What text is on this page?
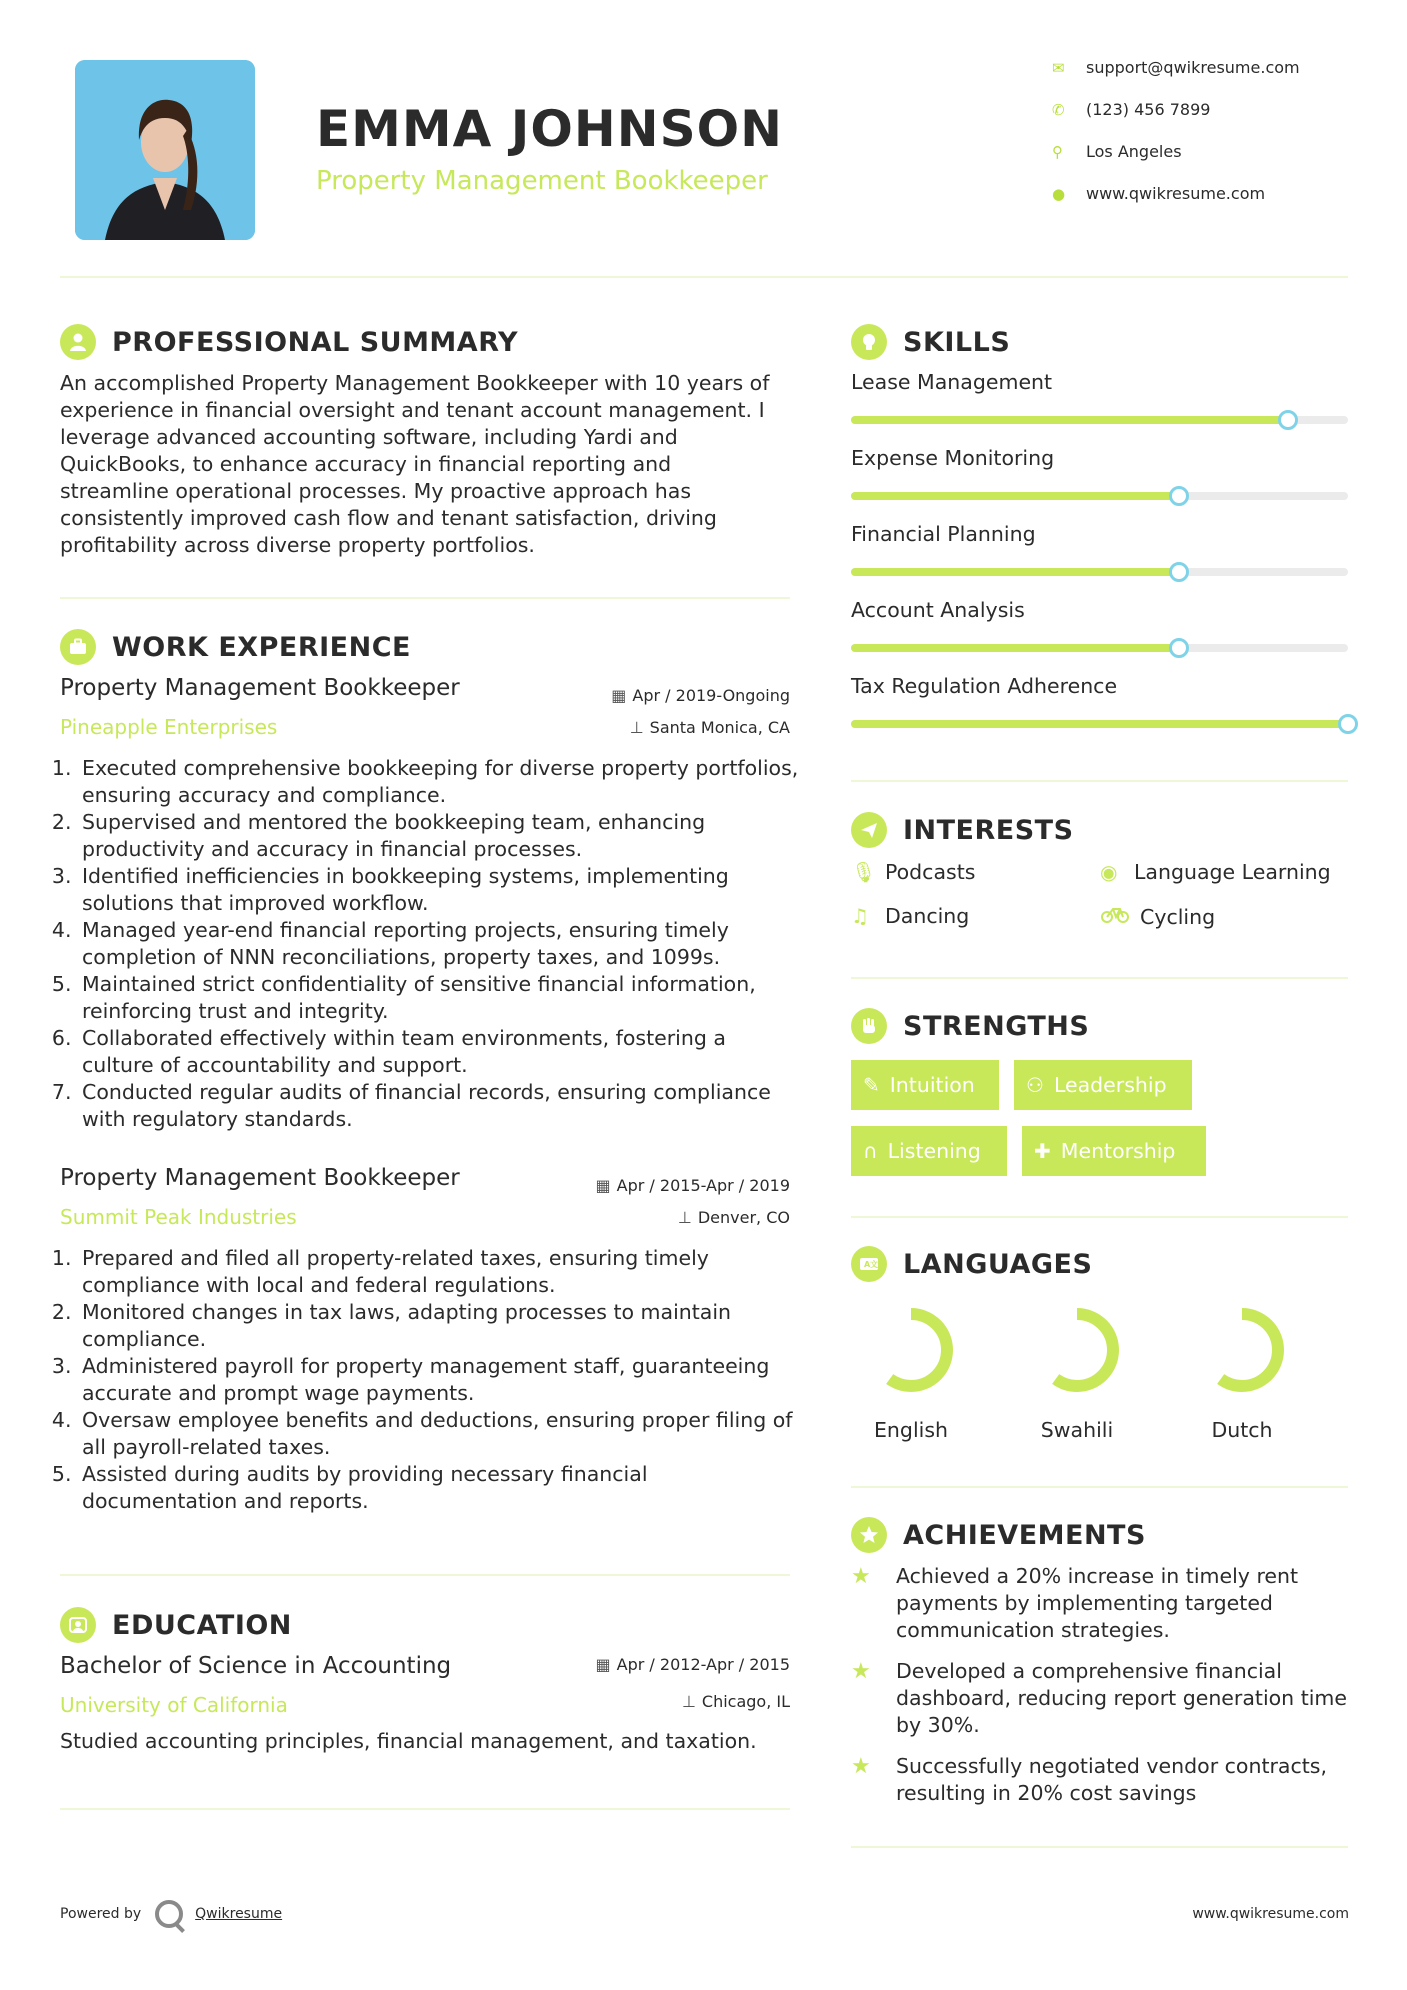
EMMA JOHNSON
Property Management Bookkeeper
✉	support@qwikresume.com
✆	(123) 456 7899
⚲	Los Angeles
●	www.qwikresume.com
PROFESSIONAL SUMMARY
An accomplished Property Management Bookkeeper with 10 years of
experience in financial oversight and tenant account management. I
leverage advanced accounting software, including Yardi and
QuickBooks, to enhance accuracy in financial reporting and
streamline operational processes. My proactive approach has
consistently improved cash flow and tenant satisfaction, driving
profitability across diverse property portfolios.
WORK EXPERIENCE
Property Management Bookkeeper
Pineapple Enterprises
▦ Apr / 2019-Ongoing
⊥ Santa Monica, CA
1. Executed comprehensive bookkeeping for diverse property portfolios, ensuring accuracy and compliance.
2. Supervised and mentored the bookkeeping team, enhancing productivity and accuracy in financial processes.
3. Identified inefficiencies in bookkeeping systems, implementing solutions that improved workflow.
4. Managed year-end financial reporting projects, ensuring timely completion of NNN reconciliations, property taxes, and 1099s.
5. Maintained strict confidentiality of sensitive financial information, reinforcing trust and integrity.
6. Collaborated effectively within team environments, fostering a culture of accountability and support.
7. Conducted regular audits of financial records, ensuring compliance with regulatory standards.
Property Management Bookkeeper
Summit Peak Industries
▦ Apr / 2015-Apr / 2019
⊥ Denver, CO
1. Prepared and filed all property-related taxes, ensuring timely compliance with local and federal regulations.
2. Monitored changes in tax laws, adapting processes to maintain compliance.
3. Administered payroll for property management staff, guaranteeing accurate and prompt wage payments.
4. Oversaw employee benefits and deductions, ensuring proper filing of all payroll-related taxes.
5. Assisted during audits by providing necessary financial documentation and reports.
EDUCATION
Bachelor of Science in Accounting
University of California
▦ Apr / 2012-Apr / 2015
⊥ Chicago, IL
Studied accounting principles, financial management, and taxation.
SKILLS
Lease Management
Expense Monitoring
Financial Planning
Account Analysis
Tax Regulation Adherence
INTERESTS
🎙︎ Podcasts	◉ Language Learning
♫ Dancing	Cycling
STRENGTHS
✎ Intuition	⚇ Leadership
∩ Listening	✚ Mentorship
A 文 LANGUAGES
English	Swahili	Dutch
ACHIEVEMENTS
★	Achieved a 20% increase in timely rent payments by implementing targeted communication strategies.
★	Developed a comprehensive financial dashboard, reducing report generation time by 30%.
★	Successfully negotiated vendor contracts, resulting in 20% cost savings
Powered by	Qwikresume	www.qwikresume.com
